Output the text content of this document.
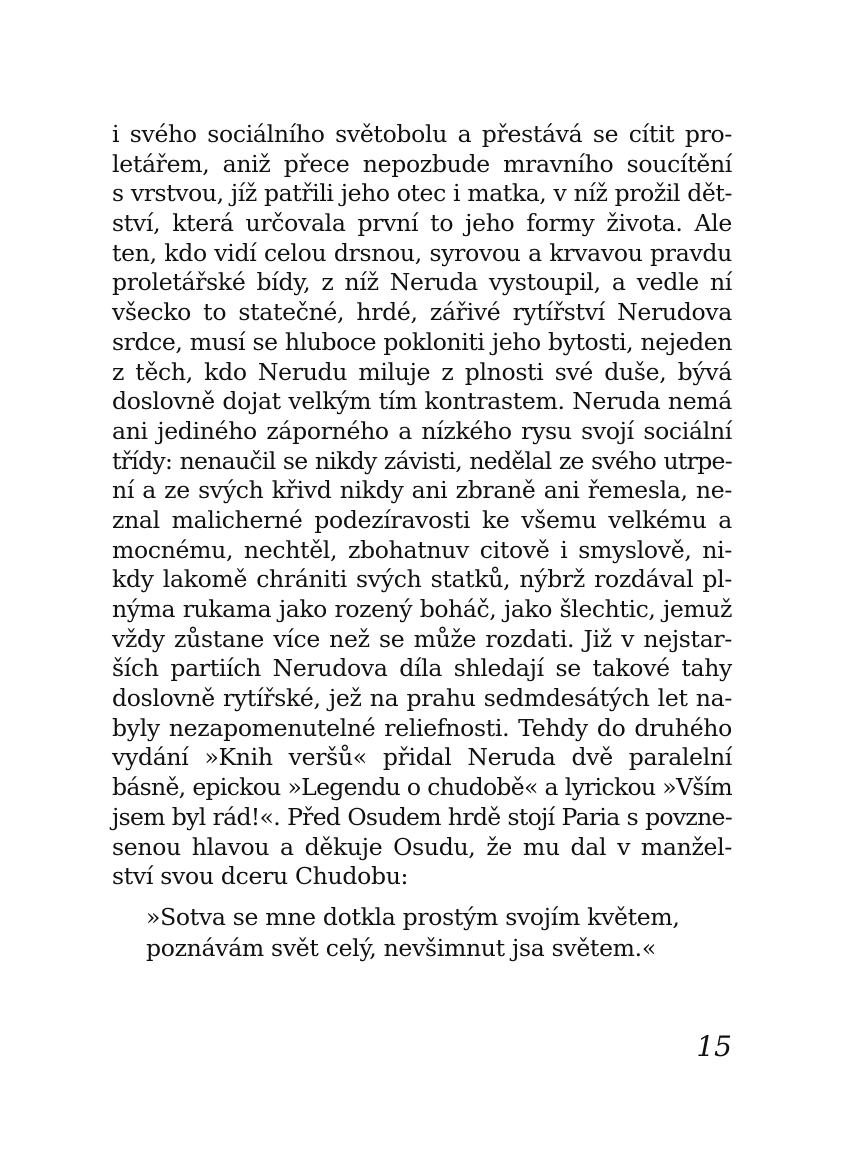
i svého sociálního světobolu a přestává se cítit pro-
letářem, aniž přece nepozbude mravního soucítění
s vrstvou, jíž patřili jeho otec i matka, v níž prožil dět-
ství, která určovala první to jeho formy života. Ale
ten, kdo vidí celou drsnou, syrovou a krvavou pravdu
proletářské bídy, z níž Neruda vystoupil, a vedle ní
všecko to statečné, hrdé, zářivé rytířství Nerudova
srdce, musí se hluboce pokloniti jeho bytosti, nejeden
z těch, kdo Nerudu miluje z plnosti své duše, bývá
doslovně dojat velkým tím kontrastem. Neruda nemá
ani jediného záporného a nízkého rysu svojí sociální
třídy: nenaučil se nikdy závisti, nedělal ze svého utrpe-
ní a ze svých křivd nikdy ani zbraně ani řemesla, ne-
znal malicherné podezíravosti ke všemu velkému a
mocnému, nechtěl, zbohatnuv citově i smyslově, ni-
kdy lakomě chrániti svých statků, nýbrž rozdával pl-
nýma rukama jako rozený boháč, jako šlechtic, jemuž
vždy zůstane více než se může rozdati. Již v nejstar-
ších partiích Nerudova díla shledají se takové tahy
doslovně rytířské, jež na prahu sedmdesátých let na-
byly nezapomenutelné reliefnosti. Tehdy do druhého
vydání »Knih veršů« přidal Neruda dvě paralelní
básně, epickou »Legendu o chudobě« a lyrickou »Vším
jsem byl rád!«. Před Osudem hrdě stojí Paria s povzne-
senou hlavou a děkuje Osudu, že mu dal v manžel-
ství svou dceru Chudobu:
»Sotva se mne dotkla prostým svojím květem,
poznávám svět celý, nevšimnut jsa světem.«
15
